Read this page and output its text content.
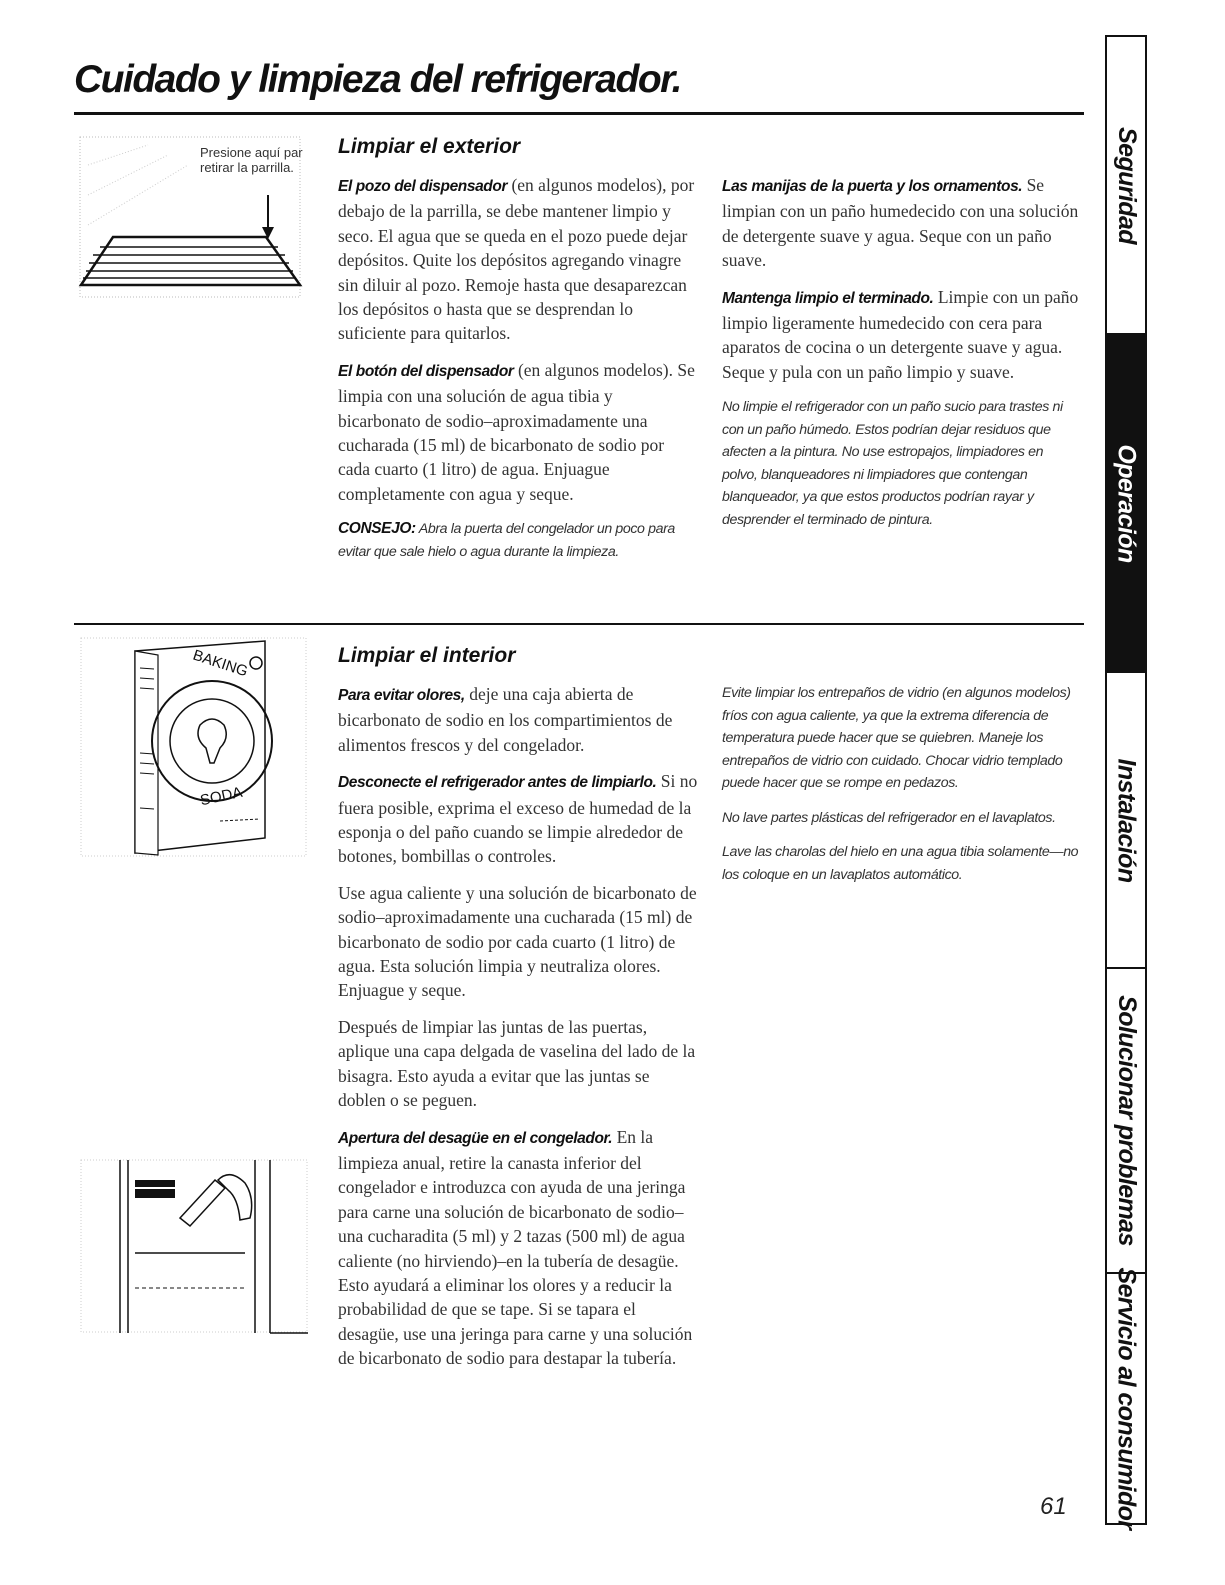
Cuidado y limpieza del refrigerador.
Presione aquí par
retirar la parrilla.
Limpiar el exterior

El pozo del dispensador (en algunos modelos), por debajo de la parrilla, se debe mantener limpio y seco. El agua que se queda en el pozo puede dejar depósitos. Quite los depósitos agregando vinagre sin diluir al pozo. Remoje hasta que desaparezcan los depósitos o hasta que se desprendan lo suficiente para quitarlos.

El botón del dispensador (en algunos modelos). Se limpia con una solución de agua tibia y bicarbonato de sodio–aproximadamente una cucharada (15 ml) de bicarbonato de sodio por cada cuarto (1 litro) de agua. Enjuague completamente con agua y seque.

CONSEJO: Abra la puerta del congelador un poco para evitar que sale hielo o agua durante la limpieza.

Las manijas de la puerta y los ornamentos. Se limpian con un paño humedecido con una solución de detergente suave y agua. Seque con un paño suave.

Mantenga limpio el terminado. Limpie con un paño limpio ligeramente humedecido con cera para aparatos de cocina o un detergente suave y agua. Seque y pula con un paño limpio y suave.

No limpie el refrigerador con un paño sucio para trastes ni con un paño húmedo. Estos podrían dejar residuos que afecten a la pintura. No use estropajos, limpiadores en polvo, blanqueadores ni limpiadores que contengan blanqueador, ya que estos productos podrían rayar y desprender el terminado de pintura.

BAKING
SODA
Limpiar el interior

Para evitar olores, deje una caja abierta de bicarbonato de sodio en los compartimientos de alimentos frescos y del congelador.

Desconecte el refrigerador antes de limpiarlo. Si no fuera posible, exprima el exceso de humedad de la esponja o del paño cuando se limpie alrededor de botones, bombillas o controles.

Use agua caliente y una solución de bicarbonato de sodio–aproximadamente una cucharada (15 ml) de bicarbonato de sodio por cada cuarto (1 litro) de agua. Esta solución limpia y neutraliza olores. Enjuague y seque.

Después de limpiar las juntas de las puertas, aplique una capa delgada de vaselina del lado de la bisagra. Esto ayuda a evitar que las juntas se doblen o se peguen.

Apertura del desagüe en el congelador. En la limpieza anual, retire la canasta inferior del congelador e introduzca con ayuda de una jeringa para carne una solución de bicarbonato de sodio–una cucharadita (5 ml) y 2 tazas (500 ml) de agua caliente (no hirviendo)–en la tubería de desagüe. Esto ayudará a eliminar los olores y a reducir la probabilidad de que se tape. Si se tapara el desagüe, use una jeringa para carne y una solución de bicarbonato de sodio para destapar la tubería.

Evite limpiar los entrepaños de vidrio (en algunos modelos) fríos con agua caliente, ya que la extrema diferencia de temperatura puede hacer que se quiebren. Maneje los entrepaños de vidrio con cuidado. Chocar vidrio templado puede hacer que se rompe en pedazos.

No lave partes plásticas del refrigerador en el lavaplatos.

Lave las charolas del hielo en una agua tibia solamente—no los coloque en un lavaplatos automático.

61
Seguridad
Operación
Instalación
Solucionar problemas
Servicio al consumidor
